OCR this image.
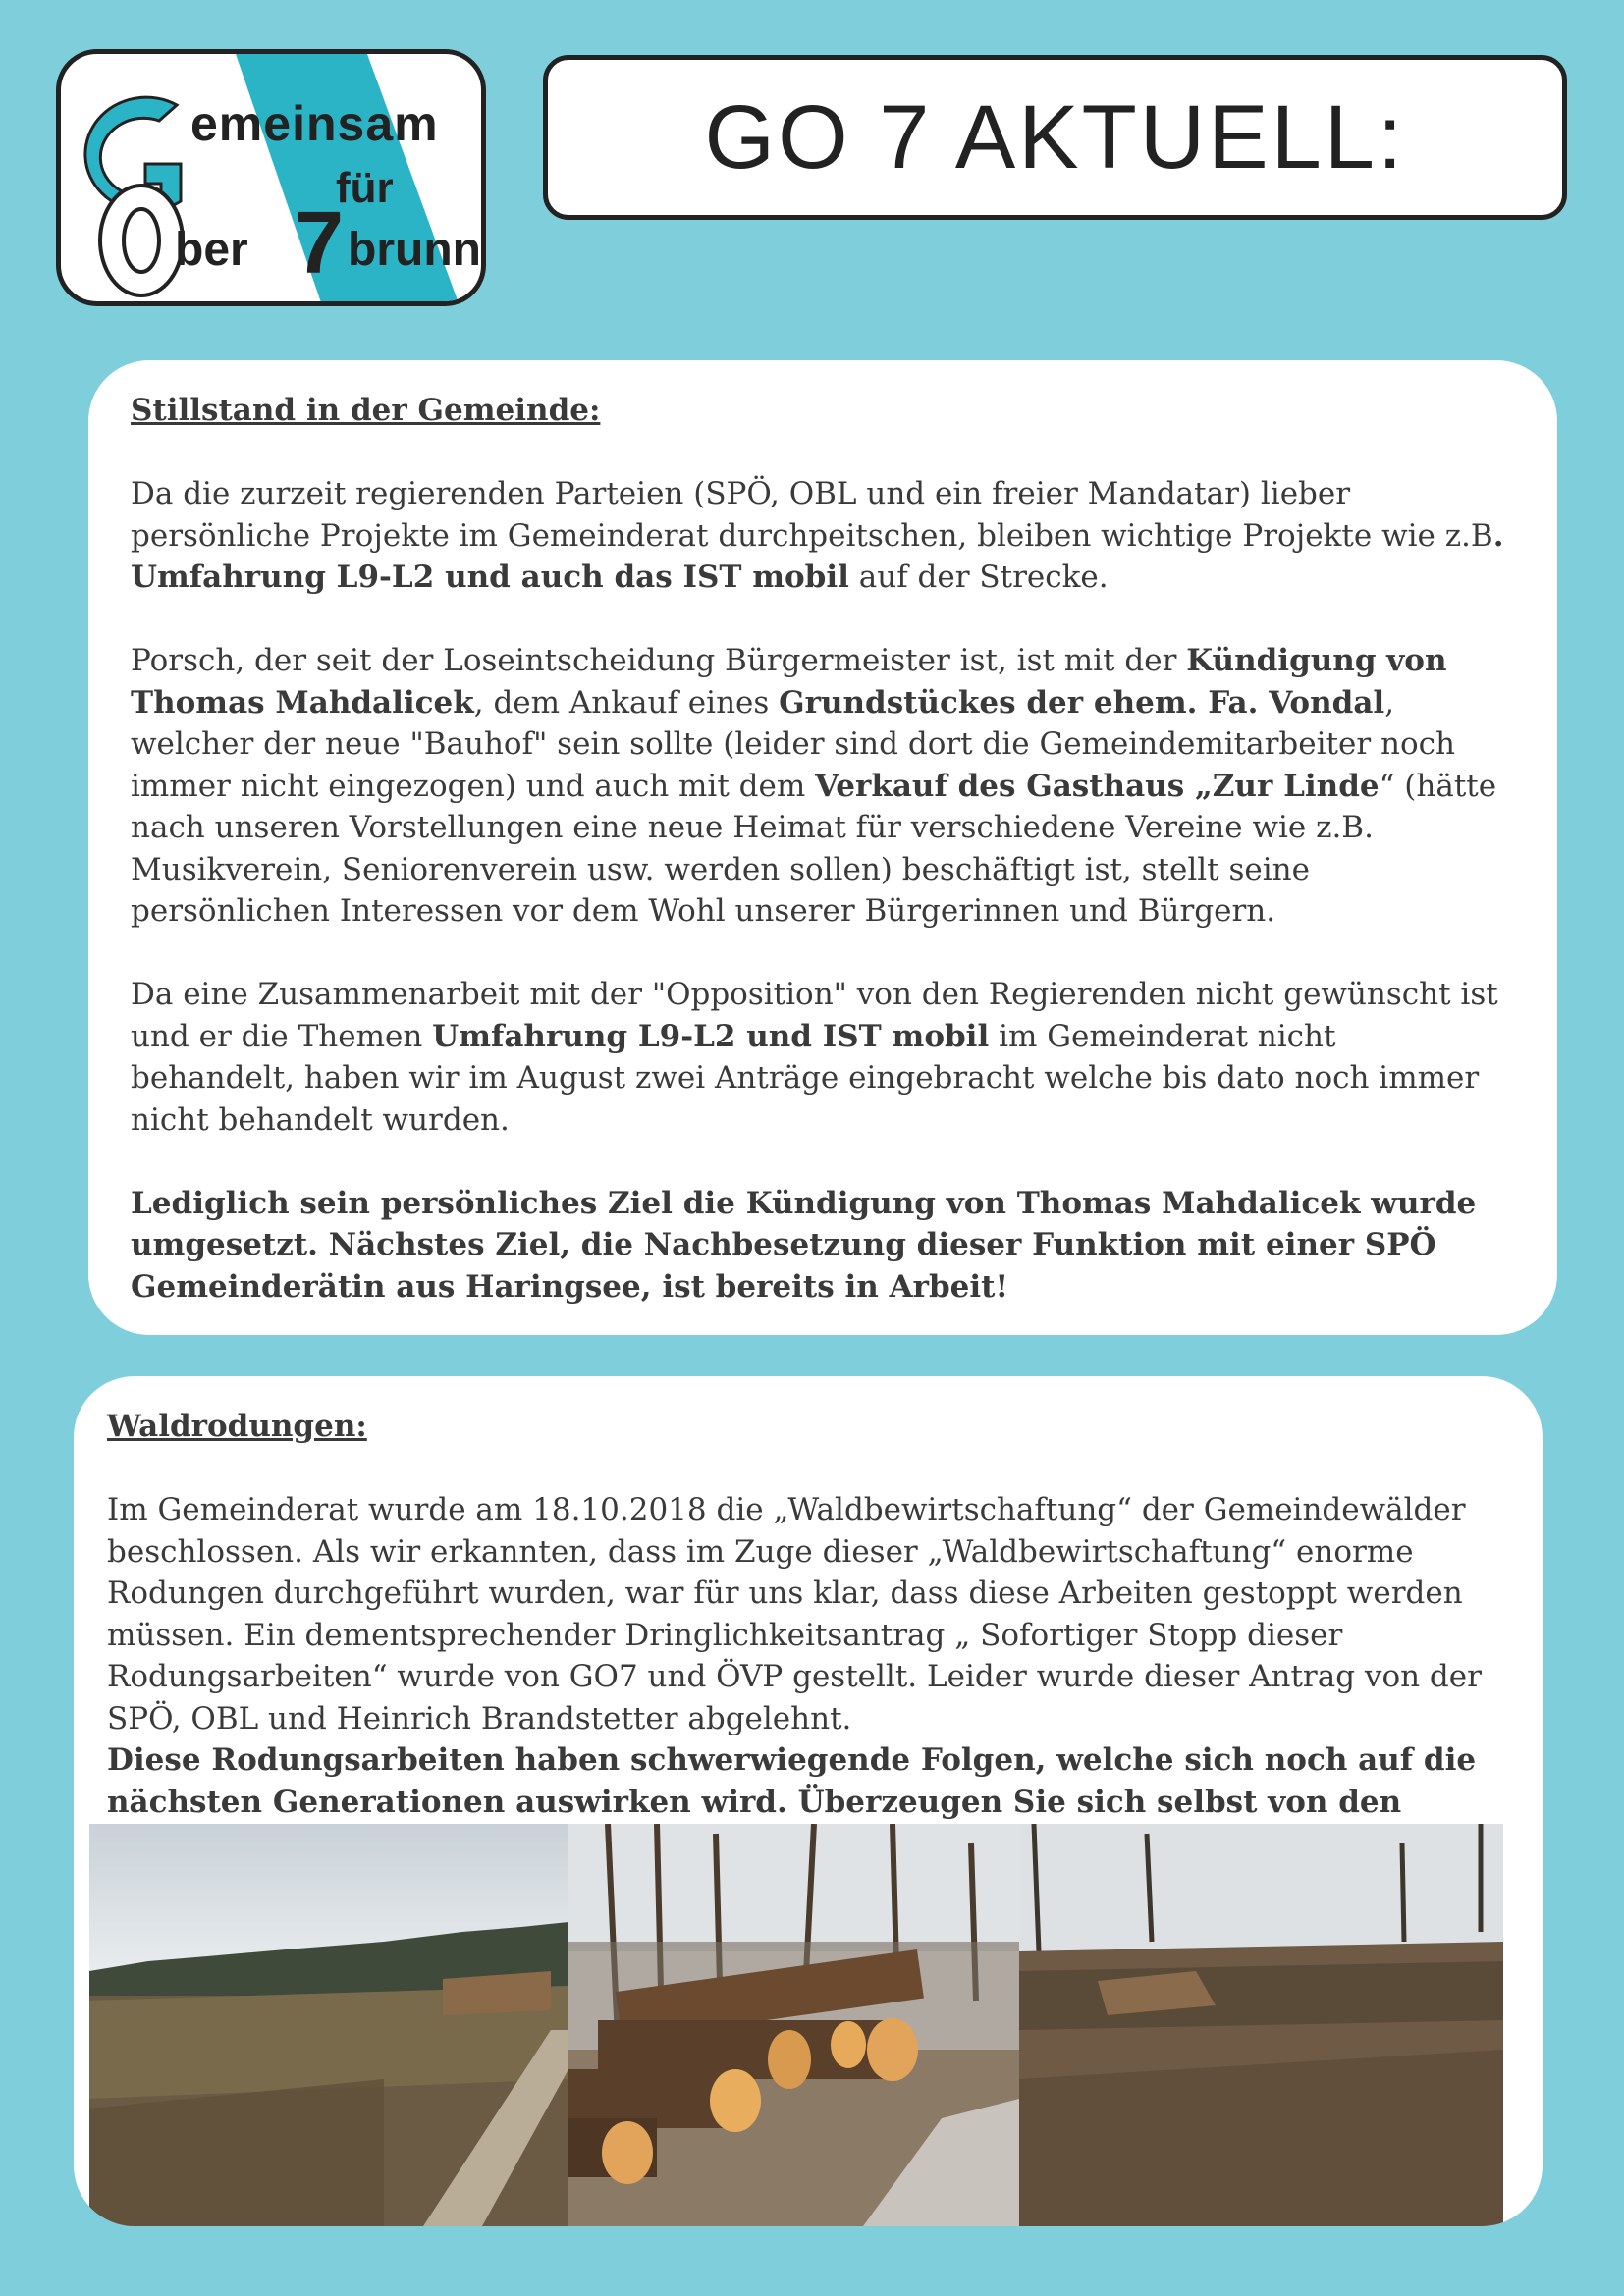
emeinsam
für
ber 7 brunn
GO 7 AKTUELL:
Stillstand in der Gemeinde:

Da die zurzeit regierenden Parteien (SPÖ, OBL und ein freier Mandatar) lieber persönliche Projekte im Gemeinderat durchpeitschen, bleiben wichtige Projekte wie z.B. Umfahrung L9-L2 und auch das IST mobil auf der Strecke.

Porsch, der seit der Loseintscheidung Bürgermeister ist, ist mit der Kündigung von Thomas Mahdalicek, dem Ankauf eines Grundstückes der ehem. Fa. Vondal, welcher der neue "Bauhof" sein sollte (leider sind dort die Gemeindemitarbeiter noch immer nicht eingezogen) und auch mit dem Verkauf des Gasthaus „Zur Linde“ (hätte nach unseren Vorstellungen eine neue Heimat für verschiedene Vereine wie z.B. Musikverein, Seniorenverein usw. werden sollen) beschäftigt ist, stellt seine persönlichen Interessen vor dem Wohl unserer Bürgerinnen und Bürgern.

Da eine Zusammenarbeit mit der "Opposition" von den Regierenden nicht gewünscht ist und er die Themen Umfahrung L9-L2 und IST mobil im Gemeinderat nicht behandelt, haben wir im August zwei Anträge eingebracht welche bis dato noch immer nicht behandelt wurden.

Lediglich sein persönliches Ziel die Kündigung von Thomas Mahdalicek wurde umgesetzt. Nächstes Ziel, die Nachbesetzung dieser Funktion mit einer SPÖ Gemeinderätin aus Haringsee, ist bereits in Arbeit!

Waldrodungen:

Im Gemeinderat wurde am 18.10.2018 die „Waldbewirtschaftung“ der Gemeindewälder beschlossen. Als wir erkannten, dass im Zuge dieser „Waldbewirtschaftung“ enorme Rodungen durchgeführt wurden, war für uns klar, dass diese Arbeiten gestoppt werden müssen. Ein dementsprechender Dringlichkeitsantrag „ Sofortiger Stopp dieser Rodungsarbeiten“ wurde von GO7 und ÖVP gestellt. Leider wurde dieser Antrag von der SPÖ, OBL und Heinrich Brandstetter abgelehnt.

Diese Rodungsarbeiten haben schwerwiegende Folgen, welche sich noch auf die nächsten Generationen auswirken wird. Überzeugen Sie sich selbst von den
